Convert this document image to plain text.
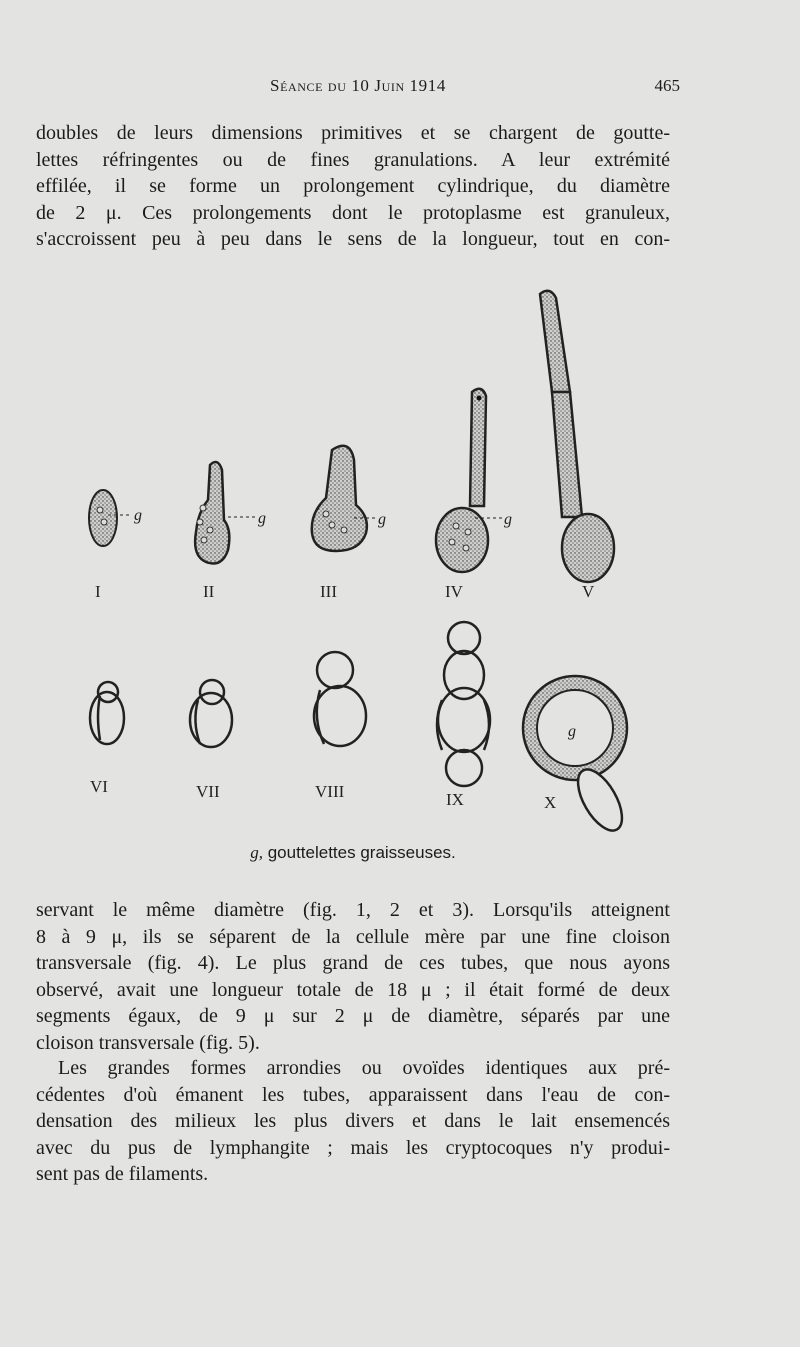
Séance du 10 Juin 1914	465
doubles de leurs dimensions primitives et se chargent de goutte-
lettes réfringentes ou de fines granulations. A leur extrémité
effilée, il se forme un prolongement cylindrique, du diamètre
de 2 μ. Ces prolongements dont le protoplasme est granuleux,
s'accroissent peu à peu dans le sens de la longueur, tout en con-
g	g	g	g
I	II	III	IV	V
g
VI	VII	VIII	IX	X
g, gouttelettes graisseuses.
servant le même diamètre (fig. 1, 2 et 3). Lorsqu'ils atteignent
8 à 9 μ, ils se séparent de la cellule mère par une fine cloison
transversale (fig. 4). Le plus grand de ces tubes, que nous ayons
observé, avait une longueur totale de 18 μ ; il était formé de deux
segments égaux, de 9 μ sur 2 μ de diamètre, séparés par une
cloison transversale (fig. 5).
Les grandes formes arrondies ou ovoïdes identiques aux pré-
cédentes d'où émanent les tubes, apparaissent dans l'eau de con-
densation des milieux les plus divers et dans le lait ensemencés
avec du pus de lymphangite ; mais les cryptocoques n'y produi-
sent pas de filaments.
